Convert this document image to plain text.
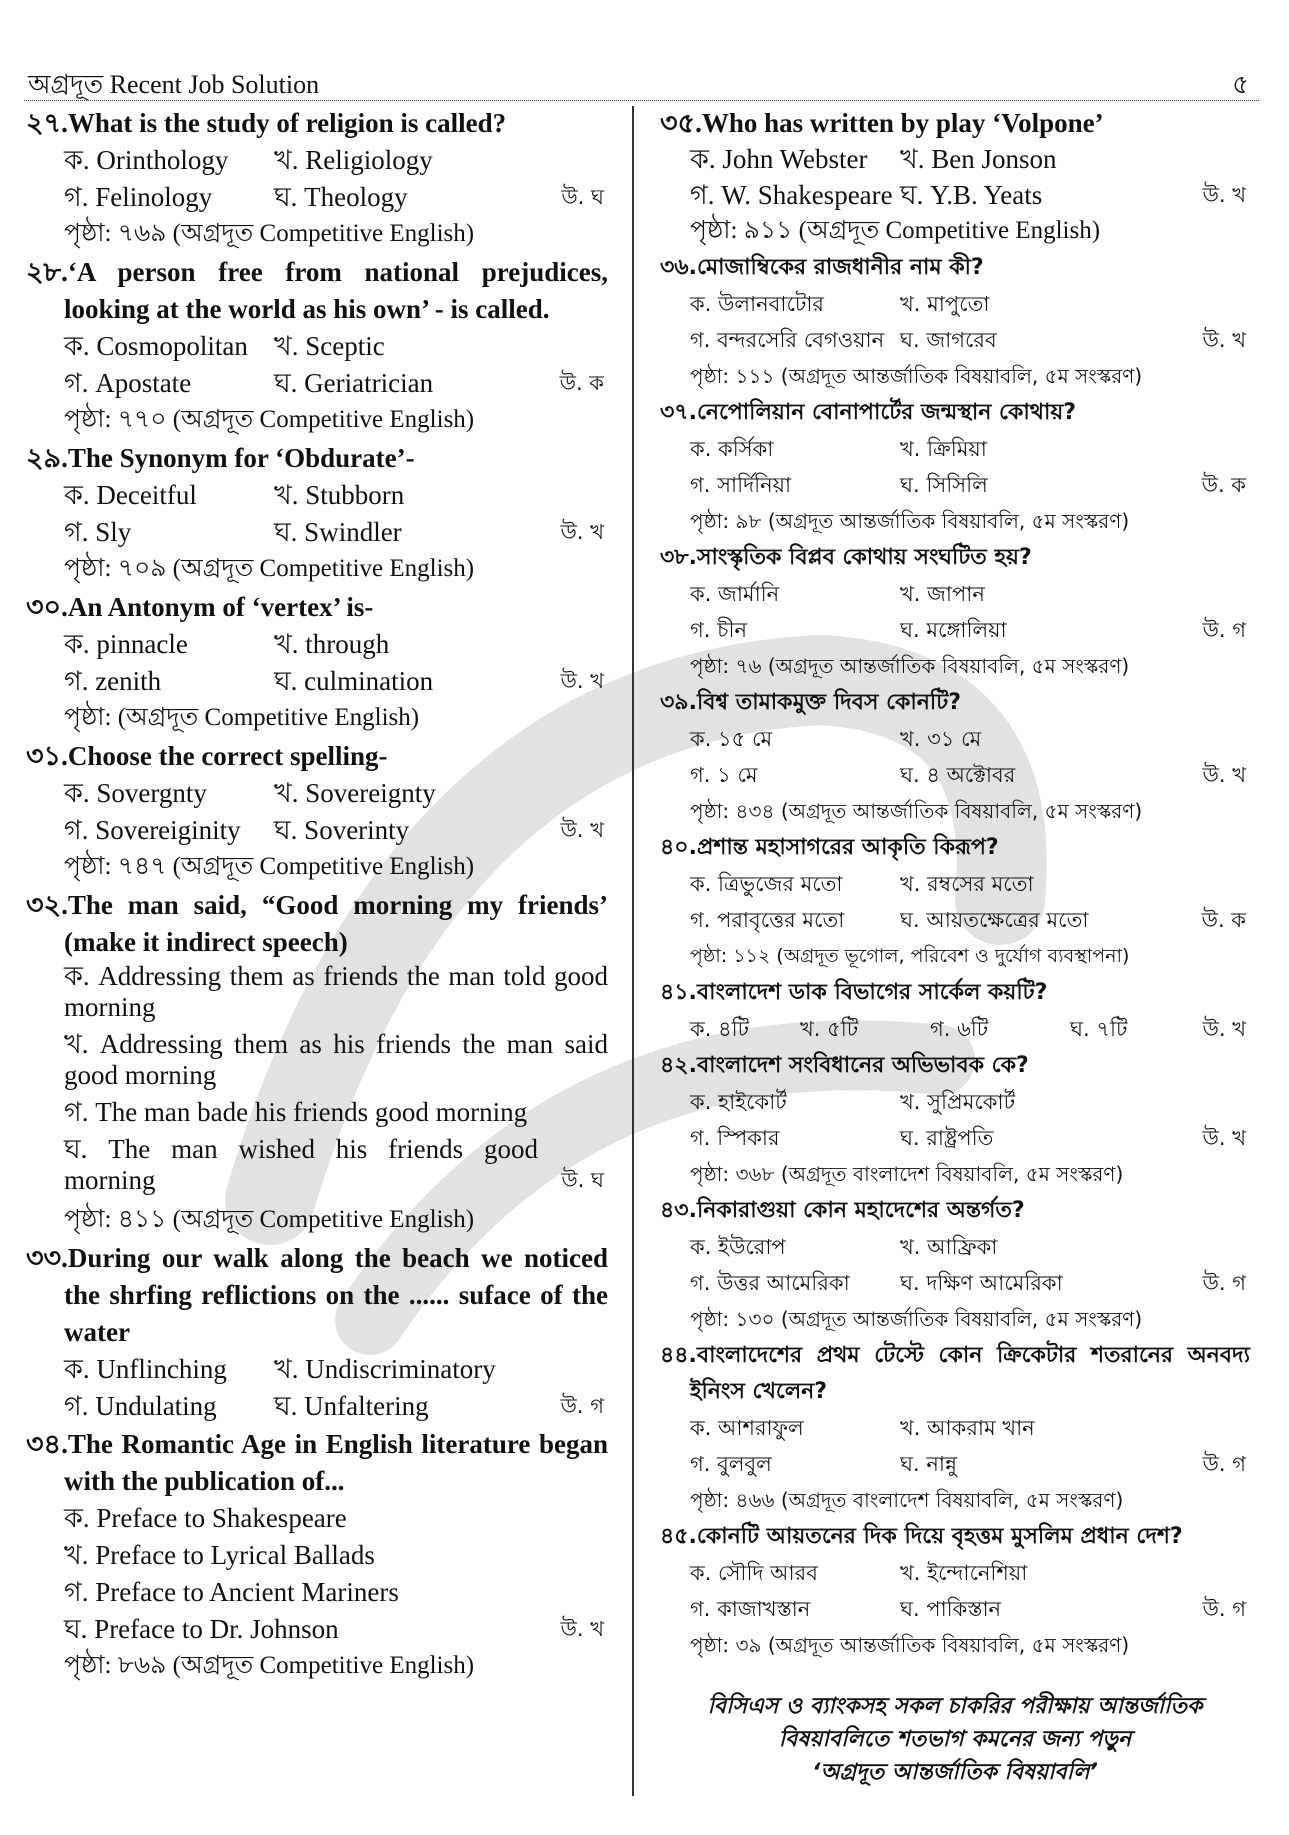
অগ্রদূত Recent Job Solution	৫
২৭.What is the study of religion is called?
ক. Orinthology খ. Religiology
গ. Felinology ঘ. Theology	উ. ঘ
পৃষ্ঠা: ৭৬৯ (অগ্রদূত Competitive English)
২৮.‘A person free from national prejudices, looking at the world as his own’ - is called.
ক. Cosmopolitan খ. Sceptic
গ. Apostate	ঘ. Geriatrician	উ. ক
পৃষ্ঠা: ৭৭০ (অগ্রদূত Competitive English)
২৯.The Synonym for ‘Obdurate’-
ক. Deceitful	খ. Stubborn
গ. Sly	ঘ. Swindler	উ. খ
পৃষ্ঠা: ৭০৯ (অগ্রদূত Competitive English)
৩০.An Antonym of ‘vertex’ is-
ক. pinnacle	খ. through
গ. zenith	ঘ. culmination	উ. খ
পৃষ্ঠা: (অগ্রদূত Competitive English)
৩১.Choose the correct spelling-
ক. Sovergnty খ. Sovereignty
গ. Sovereiginity ঘ. Soverinty	উ. খ
পৃষ্ঠা: ৭৪৭ (অগ্রদূত Competitive English)
৩২.The man said, “Good morning my friends’ (make it indirect speech)
ক. Addressing them as friends the man told good morning
খ. Addressing them as his friends the man said good morning
গ. The man bade his friends good morning
ঘ. The man wished his friends good morning	উ. ঘ
পৃষ্ঠা: ৪১১ (অগ্রদূত Competitive English)
৩৩.During our walk along the beach we noticed the shrfing reflictions on the ...... suface of the water
ক. Unflinching খ. Undiscriminatory
গ. Undulating ঘ. Unfaltering	উ. গ
৩৪.The Romantic Age in English literature began with the publication of...
ক. Preface to Shakespeare
খ. Preface to Lyrical Ballads
গ. Preface to Ancient Mariners
ঘ. Preface to Dr. Johnson	উ. খ
পৃষ্ঠা: ৮৬৯ (অগ্রদূত Competitive English)
৩৫.Who has written by play ‘Volpone’
ক. John Webster খ. Ben Jonson
গ. W. Shakespeare ঘ. Y.B. Yeats	উ. খ
পৃষ্ঠা: ৯১১ (অগ্রদূত Competitive English)
৩৬.মোজাম্বিকের রাজধানীর নাম কী?
ক. উলানবাটোর	খ. মাপুতো
গ. বন্দরসেরি বেগওয়ান ঘ. জাগরেব	উ. খ
পৃষ্ঠা: ১১১ (অগ্রদূত আন্তর্জাতিক বিষয়াবলি, ৫ম সংস্করণ)
৩৭.নেপোলিয়ান বোনাপার্টের জন্মস্থান কোথায়?
ক. কর্সিকা	খ. ক্রিমিয়া
গ. সার্দিনিয়া	ঘ. সিসিলি	উ. ক
পৃষ্ঠা: ৯৮ (অগ্রদূত আন্তর্জাতিক বিষয়াবলি, ৫ম সংস্করণ)
৩৮.সাংস্কৃতিক বিপ্লব কোথায় সংঘটিত হয়?
ক. জার্মানি	খ. জাপান
গ. চীন	ঘ. মঙ্গোলিয়া	উ. গ
পৃষ্ঠা: ৭৬ (অগ্রদূত আন্তর্জাতিক বিষয়াবলি, ৫ম সংস্করণ)
৩৯.বিশ্ব তামাকমুক্ত দিবস কোনটি?
ক. ১৫ মে	খ. ৩১ মে
গ. ১ মে	ঘ. ৪ অক্টোবর	উ. খ
পৃষ্ঠা: ৪৩৪ (অগ্রদূত আন্তর্জাতিক বিষয়াবলি, ৫ম সংস্করণ)
৪০.প্রশান্ত মহাসাগরের আকৃতি কিরূপ?
ক. ত্রিভুজের মতো	খ. রম্বসের মতো
গ. পরাবৃত্তের মতো	ঘ. আয়তক্ষেত্রের মতো	উ. ক
পৃষ্ঠা: ১১২ (অগ্রদূত ভূগোল, পরিবেশ ও দুর্যোগ ব্যবস্থাপনা)
৪১.বাংলাদেশ ডাক বিভাগের সার্কেল কয়টি?
ক. ৪টি খ. ৫টি	গ. ৬টি	ঘ. ৭টি	উ. খ
৪২.বাংলাদেশ সংবিধানের অভিভাবক কে?
ক. হাইকোর্ট	খ. সুপ্রিমকোর্ট
গ. স্পিকার	ঘ. রাষ্ট্রপতি	উ. খ
পৃষ্ঠা: ৩৬৮ (অগ্রদূত বাংলাদেশ বিষয়াবলি, ৫ম সংস্করণ)
৪৩.নিকারাগুয়া কোন মহাদেশের অন্তর্গত?
ক. ইউরোপ	খ. আফ্রিকা
গ. উত্তর আমেরিকা ঘ. দক্ষিণ আমেরিকা	উ. গ
পৃষ্ঠা: ১৩০ (অগ্রদূত আন্তর্জাতিক বিষয়াবলি, ৫ম সংস্করণ)
৪৪.বাংলাদেশের প্রথম টেস্টে কোন ক্রিকেটার শতরানের অনবদ্য ইনিংস খেলেন?
ক. আশরাফুল	খ. আকরাম খান
গ. বুলবুল	ঘ. নান্নু	উ. গ
পৃষ্ঠা: ৪৬৬ (অগ্রদূত বাংলাদেশ বিষয়াবলি, ৫ম সংস্করণ)
৪৫.কোনটি আয়তনের দিক দিয়ে বৃহত্তম মুসলিম প্রধান দেশ?
ক. সৌদি আরব	খ. ইন্দোনেশিয়া
গ. কাজাখস্তান	ঘ. পাকিস্তান	উ. গ
পৃষ্ঠা: ৩৯ (অগ্রদূত আন্তর্জাতিক বিষয়াবলি, ৫ম সংস্করণ)
বিসিএস ও ব্যাংকসহ সকল চাকরির পরীক্ষায় আন্তর্জাতিক
বিষয়াবলিতে শতভাগ কমনের জন্য পড়ুন
‘অগ্রদূত আন্তর্জাতিক বিষয়াবলি’
